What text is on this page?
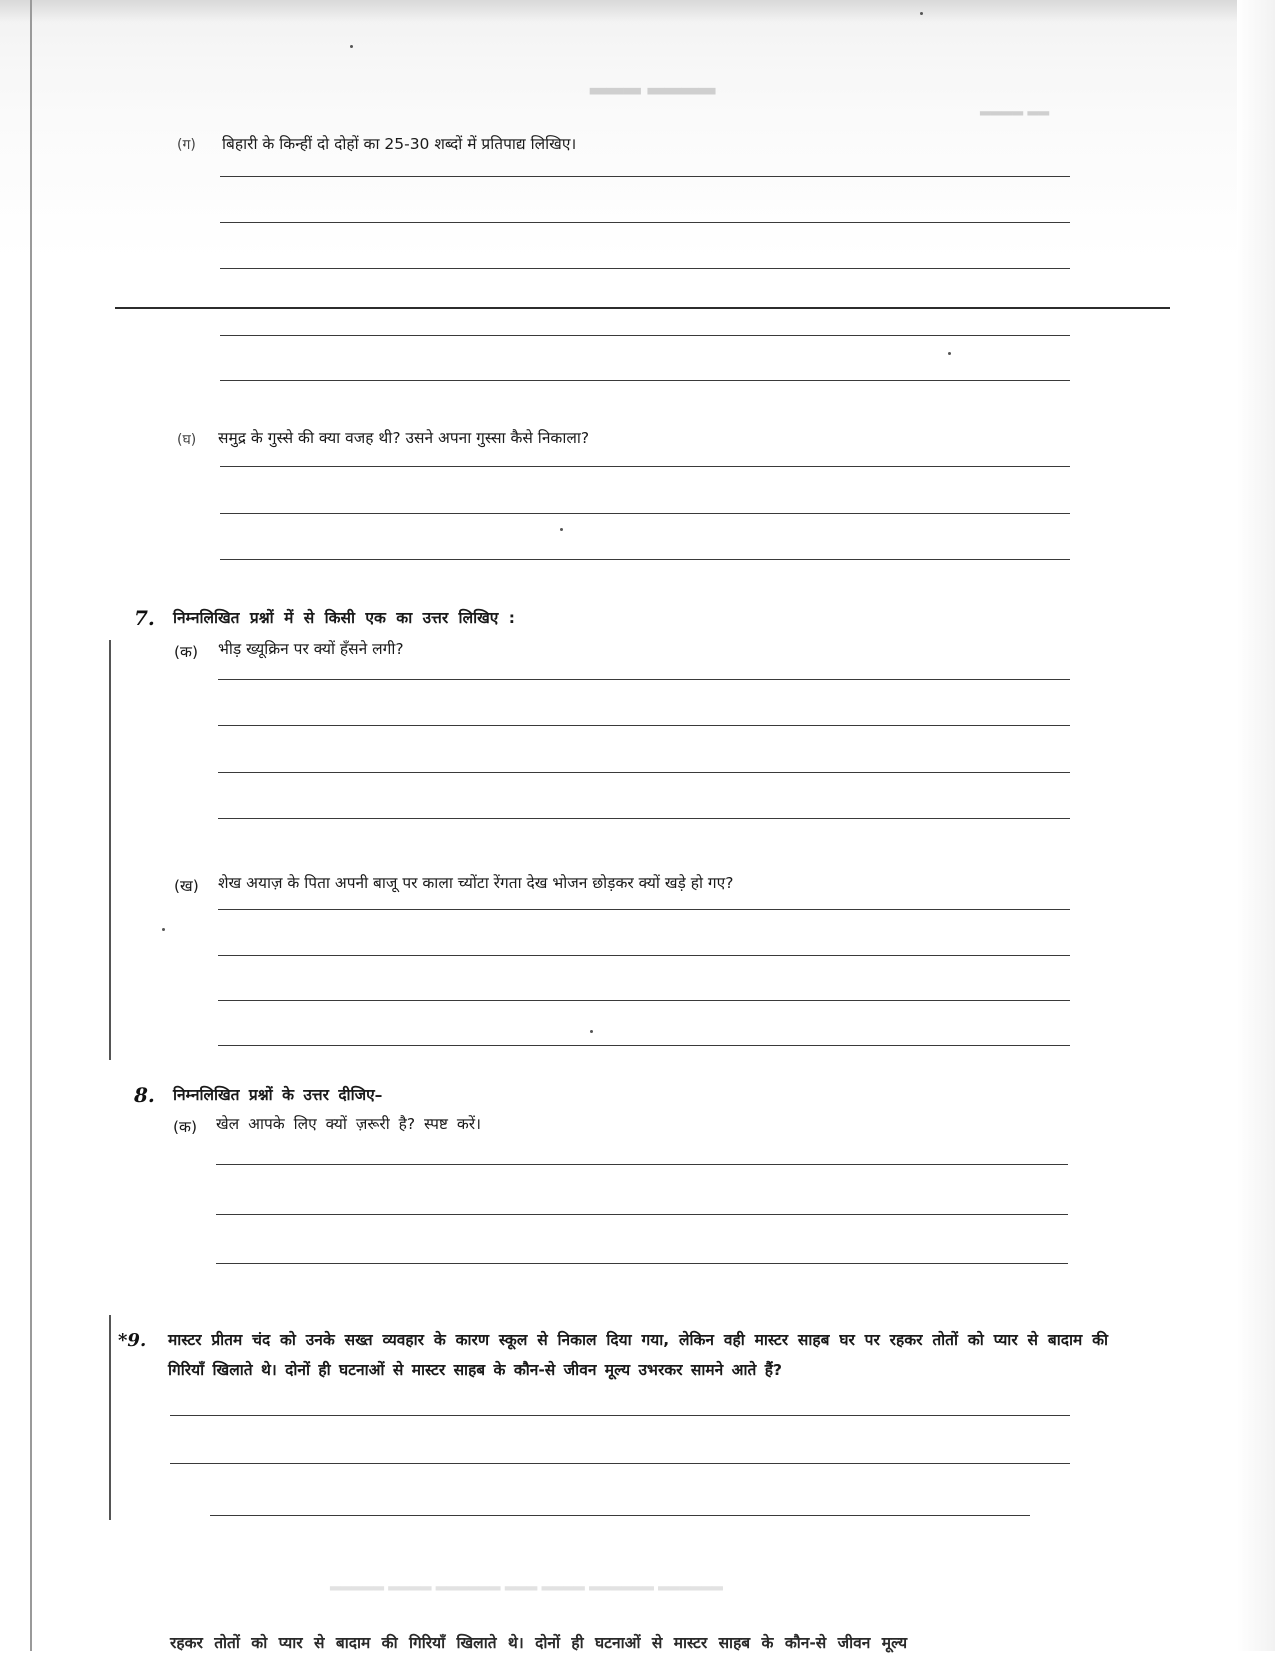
▂▂▂ ▂▂▂▂
▂▂▂▂ ▂▂
(ग) बिहारी के किन्हीं दो दोहों का 25-30 शब्दों में प्रतिपाद्य लिखिए।
(घ) समुद्र के गुस्से की क्या वजह थी? उसने अपना गुस्सा कैसे निकाला?
7. निम्नलिखित प्रश्नों में से किसी एक का उत्तर लिखिए :
(क) भीड़ ख्यूक्रिन पर क्यों हँसने लगी?
(ख) शेख अयाज़ के पिता अपनी बाजू पर काला च्योंटा रेंगता देख भोजन छोड़कर क्यों खड़े हो गए?
8. निम्नलिखित प्रश्नों के उत्तर दीजिए–
(क) खेल आपके लिए क्यों ज़रूरी है? स्पष्ट करें।
*9. मास्टर प्रीतम चंद को उनके सख्त व्यवहार के कारण स्कूल से निकाल दिया गया, लेकिन वही मास्टर साहब घर पर रहकर तोतों को प्यार से बादाम की गिरियाँ खिलाते थे। दोनों ही घटनाओं से मास्टर साहब के कौन-से जीवन मूल्य उभरकर सामने आते हैं?
▂▂▂▂▂ ▂▂▂▂ ▂▂▂▂▂▂ ▂▂▂ ▂▂▂▂ ▂▂▂▂▂▂ ▂▂▂▂▂▂
रहकर तोतों को प्यार से बादाम की गिरियाँ खिलाते थे। दोनों ही घटनाओं से मास्टर साहब के कौन-से जीवन मूल्य
